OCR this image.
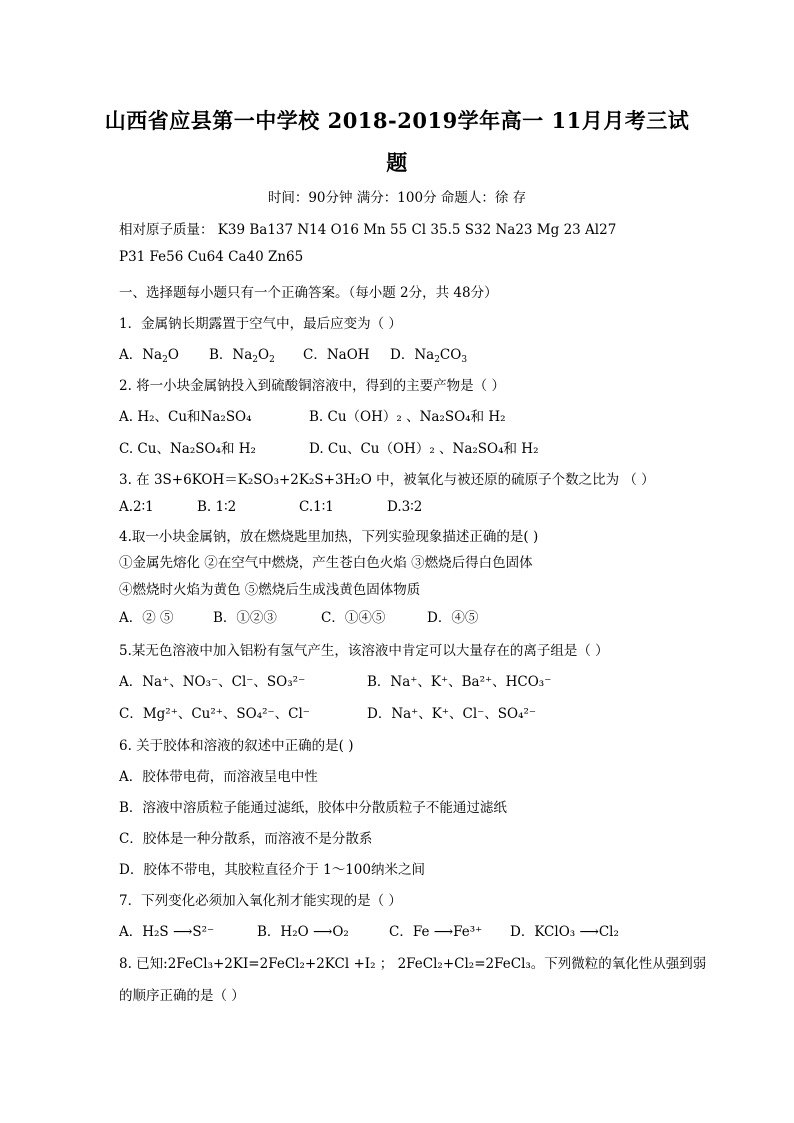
山西省应县第一中学校 2018-2019学年高一 11月月考三试
题
时间：90分钟 满分：100分 命题人：徐 存
相对原子质量： K39 Ba137 N14 O16 Mn 55 Cl 35.5 S32 Na23 Mg 23 Al27
P31 Fe56 Cu64 Ca40 Zn65
一、选择题每小题只有一个正确答案。（每小题 2分，共 48分）
1．金属钠长期露置于空气中，最后应变为（ ）
A．$Na_2O$ B．$Na_2O_2$ C．NaOH D．$Na_2CO_3$
2. 将一小块金属钠投入到硫酸铜溶液中，得到的主要产物是（ ）
A. H₂、Cu和Na₂SO₄	B. Cu（OH）₂ 、Na₂SO₄和 H₂
C. Cu、Na₂SO₄和 H₂	D. Cu、Cu（OH）₂ 、Na₂SO₄和 H₂
3. 在 3S+6KOH＝K₂SO₃+2K₂S+3H₂O 中，被氧化与被还原的硫原子个数之比为 （ ）
A.2∶1	B. 1∶2	C.1∶1	D.3∶2
4.取一小块金属钠，放在燃烧匙里加热，下列实验现象描述正确的是( )
①金属先熔化 ②在空气中燃烧，产生苍白色火焰 ③燃烧后得白色固体
④燃烧时火焰为黄色 ⑤燃烧后生成浅黄色固体物质
A．② ⑤	B．①②③	C．①④⑤	D．④⑤
5.某无色溶液中加入铝粉有氢气产生，该溶液中肯定可以大量存在的离子组是（ ）
A．Na⁺、NO₃⁻、Cl⁻、SO₃²⁻	B．Na⁺、K⁺、Ba²⁺、HCO₃⁻
C．Mg²⁺、Cu²⁺、SO₄²⁻、Cl⁻	D．Na⁺、K⁺、Cl⁻、SO₄²⁻
6. 关于胶体和溶液的叙述中正确的是( )
A．胶体带电荷，而溶液呈电中性
B．溶液中溶质粒子能通过滤纸，胶体中分散质粒子不能通过滤纸
C．胶体是一种分散系，而溶液不是分散系
D．胶体不带电，其胶粒直径介于 1～100纳米之间
7．下列变化必须加入氧化剂才能实现的是（ ）
A．H₂S ⟶S²⁻	B．H₂O ⟶O₂	C．Fe ⟶Fe³⁺ D．KClO₃ ⟶Cl₂
8. 已知:2FeCl₃+2KI=2FeCl₂+2KCl +I₂ ； 2FeCl₂+Cl₂=2FeCl₃。下列微粒的氧化性从强到弱
的顺序正确的是（ ）
